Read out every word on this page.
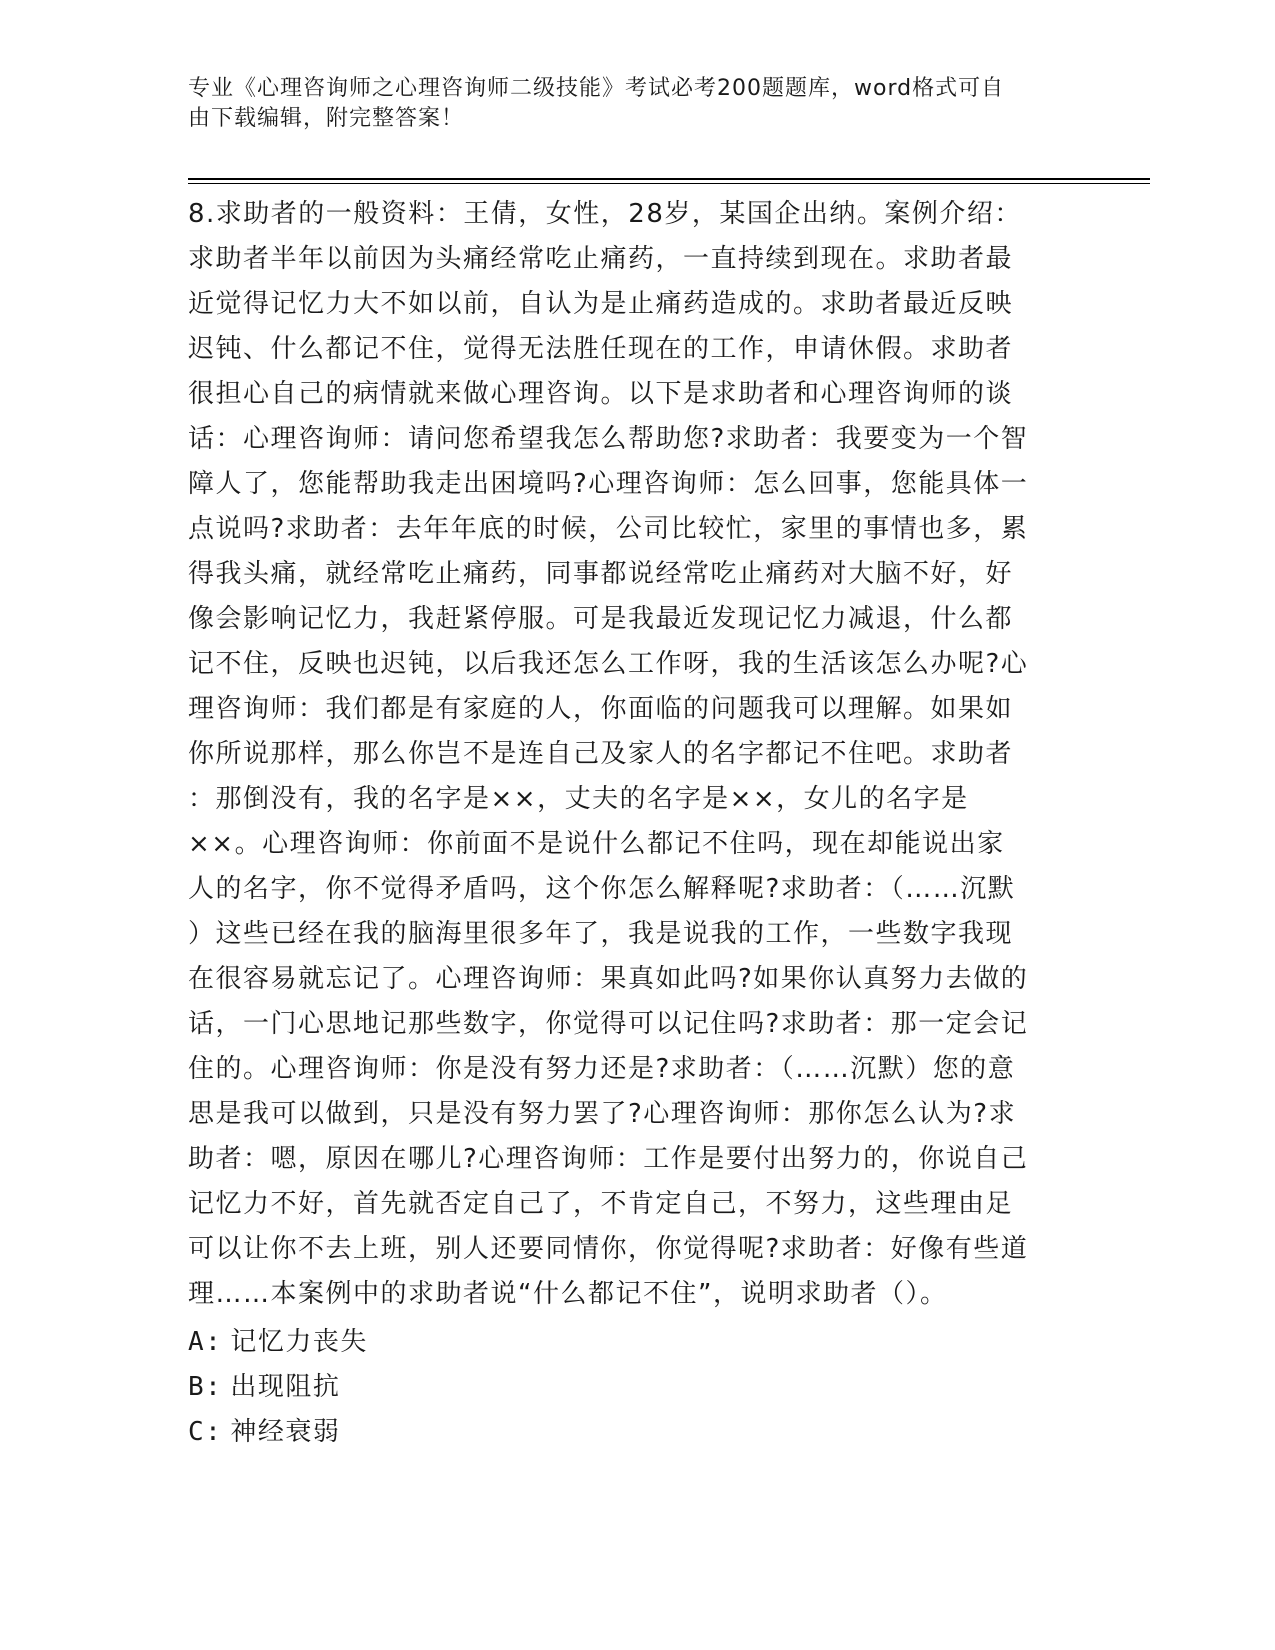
专业《心理咨询师之心理咨询师二级技能》考试必考200题题库，word格式可自
由下载编辑，附完整答案！
8.求助者的一般资料：王倩，女性，28岁，某国企出纳。案例介绍：
求助者半年以前因为头痛经常吃止痛药，一直持续到现在。求助者最
近觉得记忆力大不如以前，自认为是止痛药造成的。求助者最近反映
迟钝、什么都记不住，觉得无法胜任现在的工作，申请休假。求助者
很担心自己的病情就来做心理咨询。以下是求助者和心理咨询师的谈
话：心理咨询师：请问您希望我怎么帮助您?求助者：我要变为一个智
障人了，您能帮助我走出困境吗?心理咨询师：怎么回事，您能具体一
点说吗?求助者：去年年底的时候，公司比较忙，家里的事情也多，累
得我头痛，就经常吃止痛药，同事都说经常吃止痛药对大脑不好，好
像会影响记忆力，我赶紧停服。可是我最近发现记忆力减退，什么都
记不住，反映也迟钝，以后我还怎么工作呀，我的生活该怎么办呢?心
理咨询师：我们都是有家庭的人，你面临的问题我可以理解。如果如
你所说那样，那么你岂不是连自己及家人的名字都记不住吧。求助者
：那倒没有，我的名字是××，丈夫的名字是××，女儿的名字是
××。心理咨询师：你前面不是说什么都记不住吗，现在却能说出家
人的名字，你不觉得矛盾吗，这个你怎么解释呢?求助者：（……沉默
）这些已经在我的脑海里很多年了，我是说我的工作，一些数字我现
在很容易就忘记了。心理咨询师：果真如此吗?如果你认真努力去做的
话，一门心思地记那些数字，你觉得可以记住吗?求助者：那一定会记
住的。心理咨询师：你是没有努力还是?求助者：（……沉默）您的意
思是我可以做到，只是没有努力罢了?心理咨询师：那你怎么认为?求
助者：嗯，原因在哪儿?心理咨询师：工作是要付出努力的，你说自己
记忆力不好，首先就否定自己了，不肯定自己，不努力，这些理由足
可以让你不去上班，别人还要同情你，你觉得呢?求助者：好像有些道
理……本案例中的求助者说“什么都记不住”，说明求助者（）。
A: 记忆力丧失
B: 出现阻抗
C: 神经衰弱
